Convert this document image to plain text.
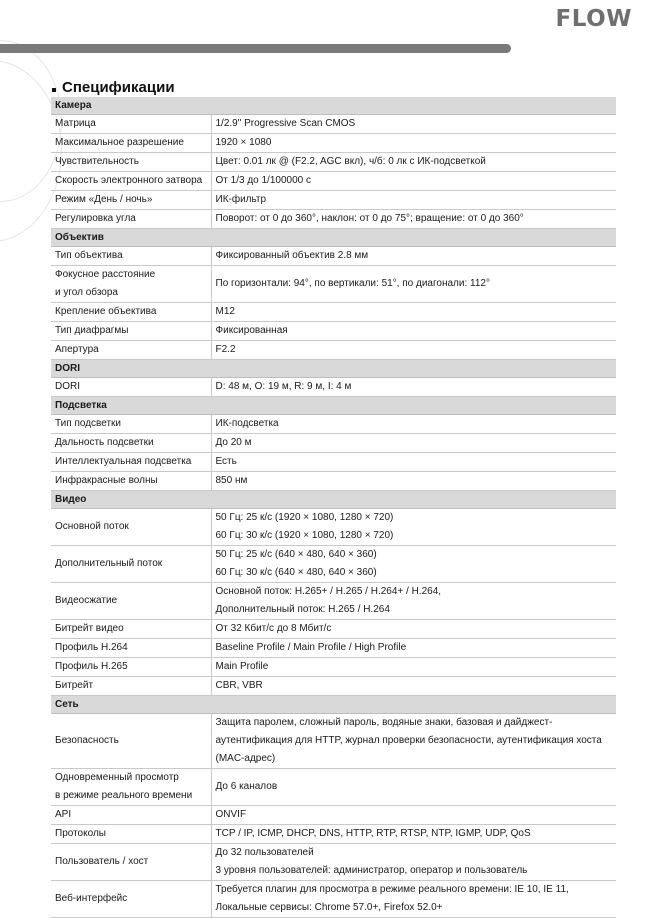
FLOW
Спецификации
Камера	

Матрица	1/2.9" Progressive Scan CMOS

Максимальное разрешение	1920 × 1080

Чувствительность	Цвет: 0.01 лк @ (F2.2, AGC вкл), ч/б: 0 лк с ИК-подсветкой

Скорость электронного затвора	От 1/3 до 1/100000 с

Режим «День / ночь»	ИК-фильтр

Регулировка угла	Поворот: от 0 до 360°, наклон: от 0 до 75°; вращение: от 0 до 360°

Объектив	

Тип объектива	Фиксированный объектив 2.8 мм

Фокусное расстояние
и угол обзора	По горизонтали: 94°, по вертикали: 51°, по диагонали: 112°

Крепление объектива	M12

Тип диафрагмы	Фиксированная

Апертура	F2.2

DORI	

DORI	D: 48 м, O: 19 м, R: 9 м, I: 4 м

Подсветка	

Тип подсветки	ИК-подсветка

Дальность подсветки	До 20 м

Интеллектуальная подсветка	Есть

Инфракрасные волны	850 нм

Видео	

Основной поток	50 Гц: 25 к/с (1920 × 1080, 1280 × 720)
60 Гц: 30 к/с (1920 × 1080, 1280 × 720)

Дополнительный поток	50 Гц: 25 к/с (640 × 480, 640 × 360)
60 Гц: 30 к/с (640 × 480, 640 × 360)

Видеосжатие	Основной поток: H.265+ / H.265 / H.264+ / H.264,
Дополнительный поток: H.265 / H.264

Битрейт видео	От 32 Кбит/с до 8 Мбит/с

Профиль H.264	Baseline Profile / Main Profile / High Profile

Профиль H.265	Main Profile

Битрейт	CBR, VBR

Сеть	

Безопасность	Защита паролем, сложный пароль, водяные знаки, базовая и дайджест-
аутентификация для HTTP, журнал проверки безопасности, аутентификация хоста
(MAC-адрес)

Одновременный просмотр
в режиме реального времени	До 6 каналов

API	ONVIF

Протоколы	TCP / IP, ICMP, DHCP, DNS, HTTP, RTP, RTSP, NTP, IGMP, UDP, QoS

Пользователь / хост	До 32 пользователей
3 уровня пользователей: администратор, оператор и пользователь

Веб-интерфейс	Требуется плагин для просмотра в режиме реального времени: IE 10, IE 11,
Локальные сервисы: Chrome 57.0+, Firefox 52.0+
